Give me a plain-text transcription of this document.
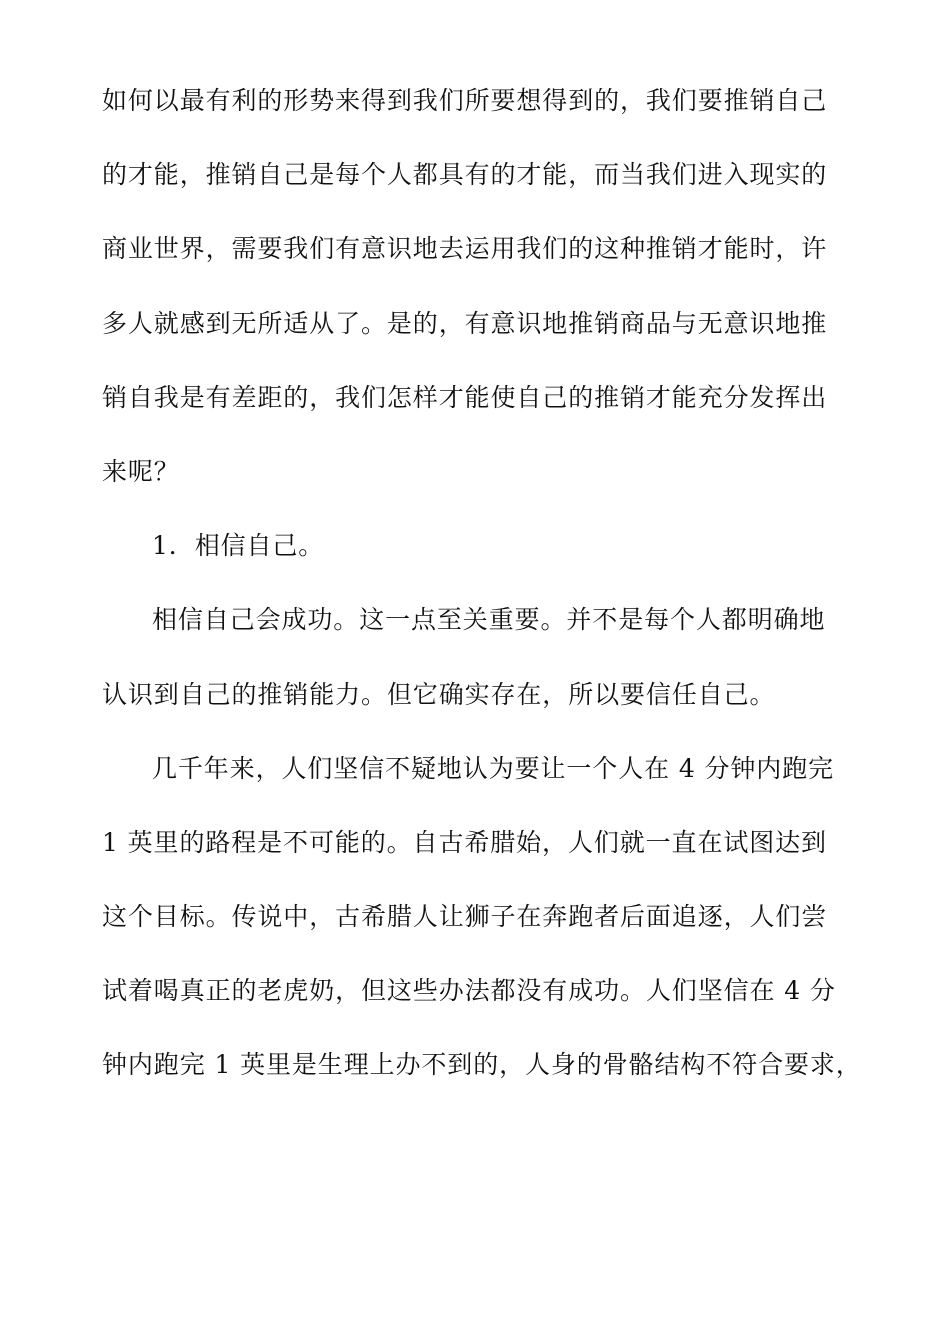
如何以最有利的形势来得到我们所要想得到的，我们要推销自己
的才能，推销自己是每个人都具有的才能，而当我们进入现实的
商业世界，需要我们有意识地去运用我们的这种推销才能时，许
多人就感到无所适从了。是的，有意识地推销商品与无意识地推
销自我是有差距的，我们怎样才能使自己的推销才能充分发挥出
来呢？
1．相信自己。
相信自己会成功。这一点至关重要。并不是每个人都明确地
认识到自己的推销能力。但它确实存在，所以要信任自己。
几千年来，人们坚信不疑地认为要让一个人在 4 分钟内跑完
1 英里的路程是不可能的。自古希腊始，人们就一直在试图达到
这个目标。传说中，古希腊人让狮子在奔跑者后面追逐，人们尝
试着喝真正的老虎奶，但这些办法都没有成功。人们坚信在 4 分
钟内跑完 1 英里是生理上办不到的，人身的骨骼结构不符合要求，
